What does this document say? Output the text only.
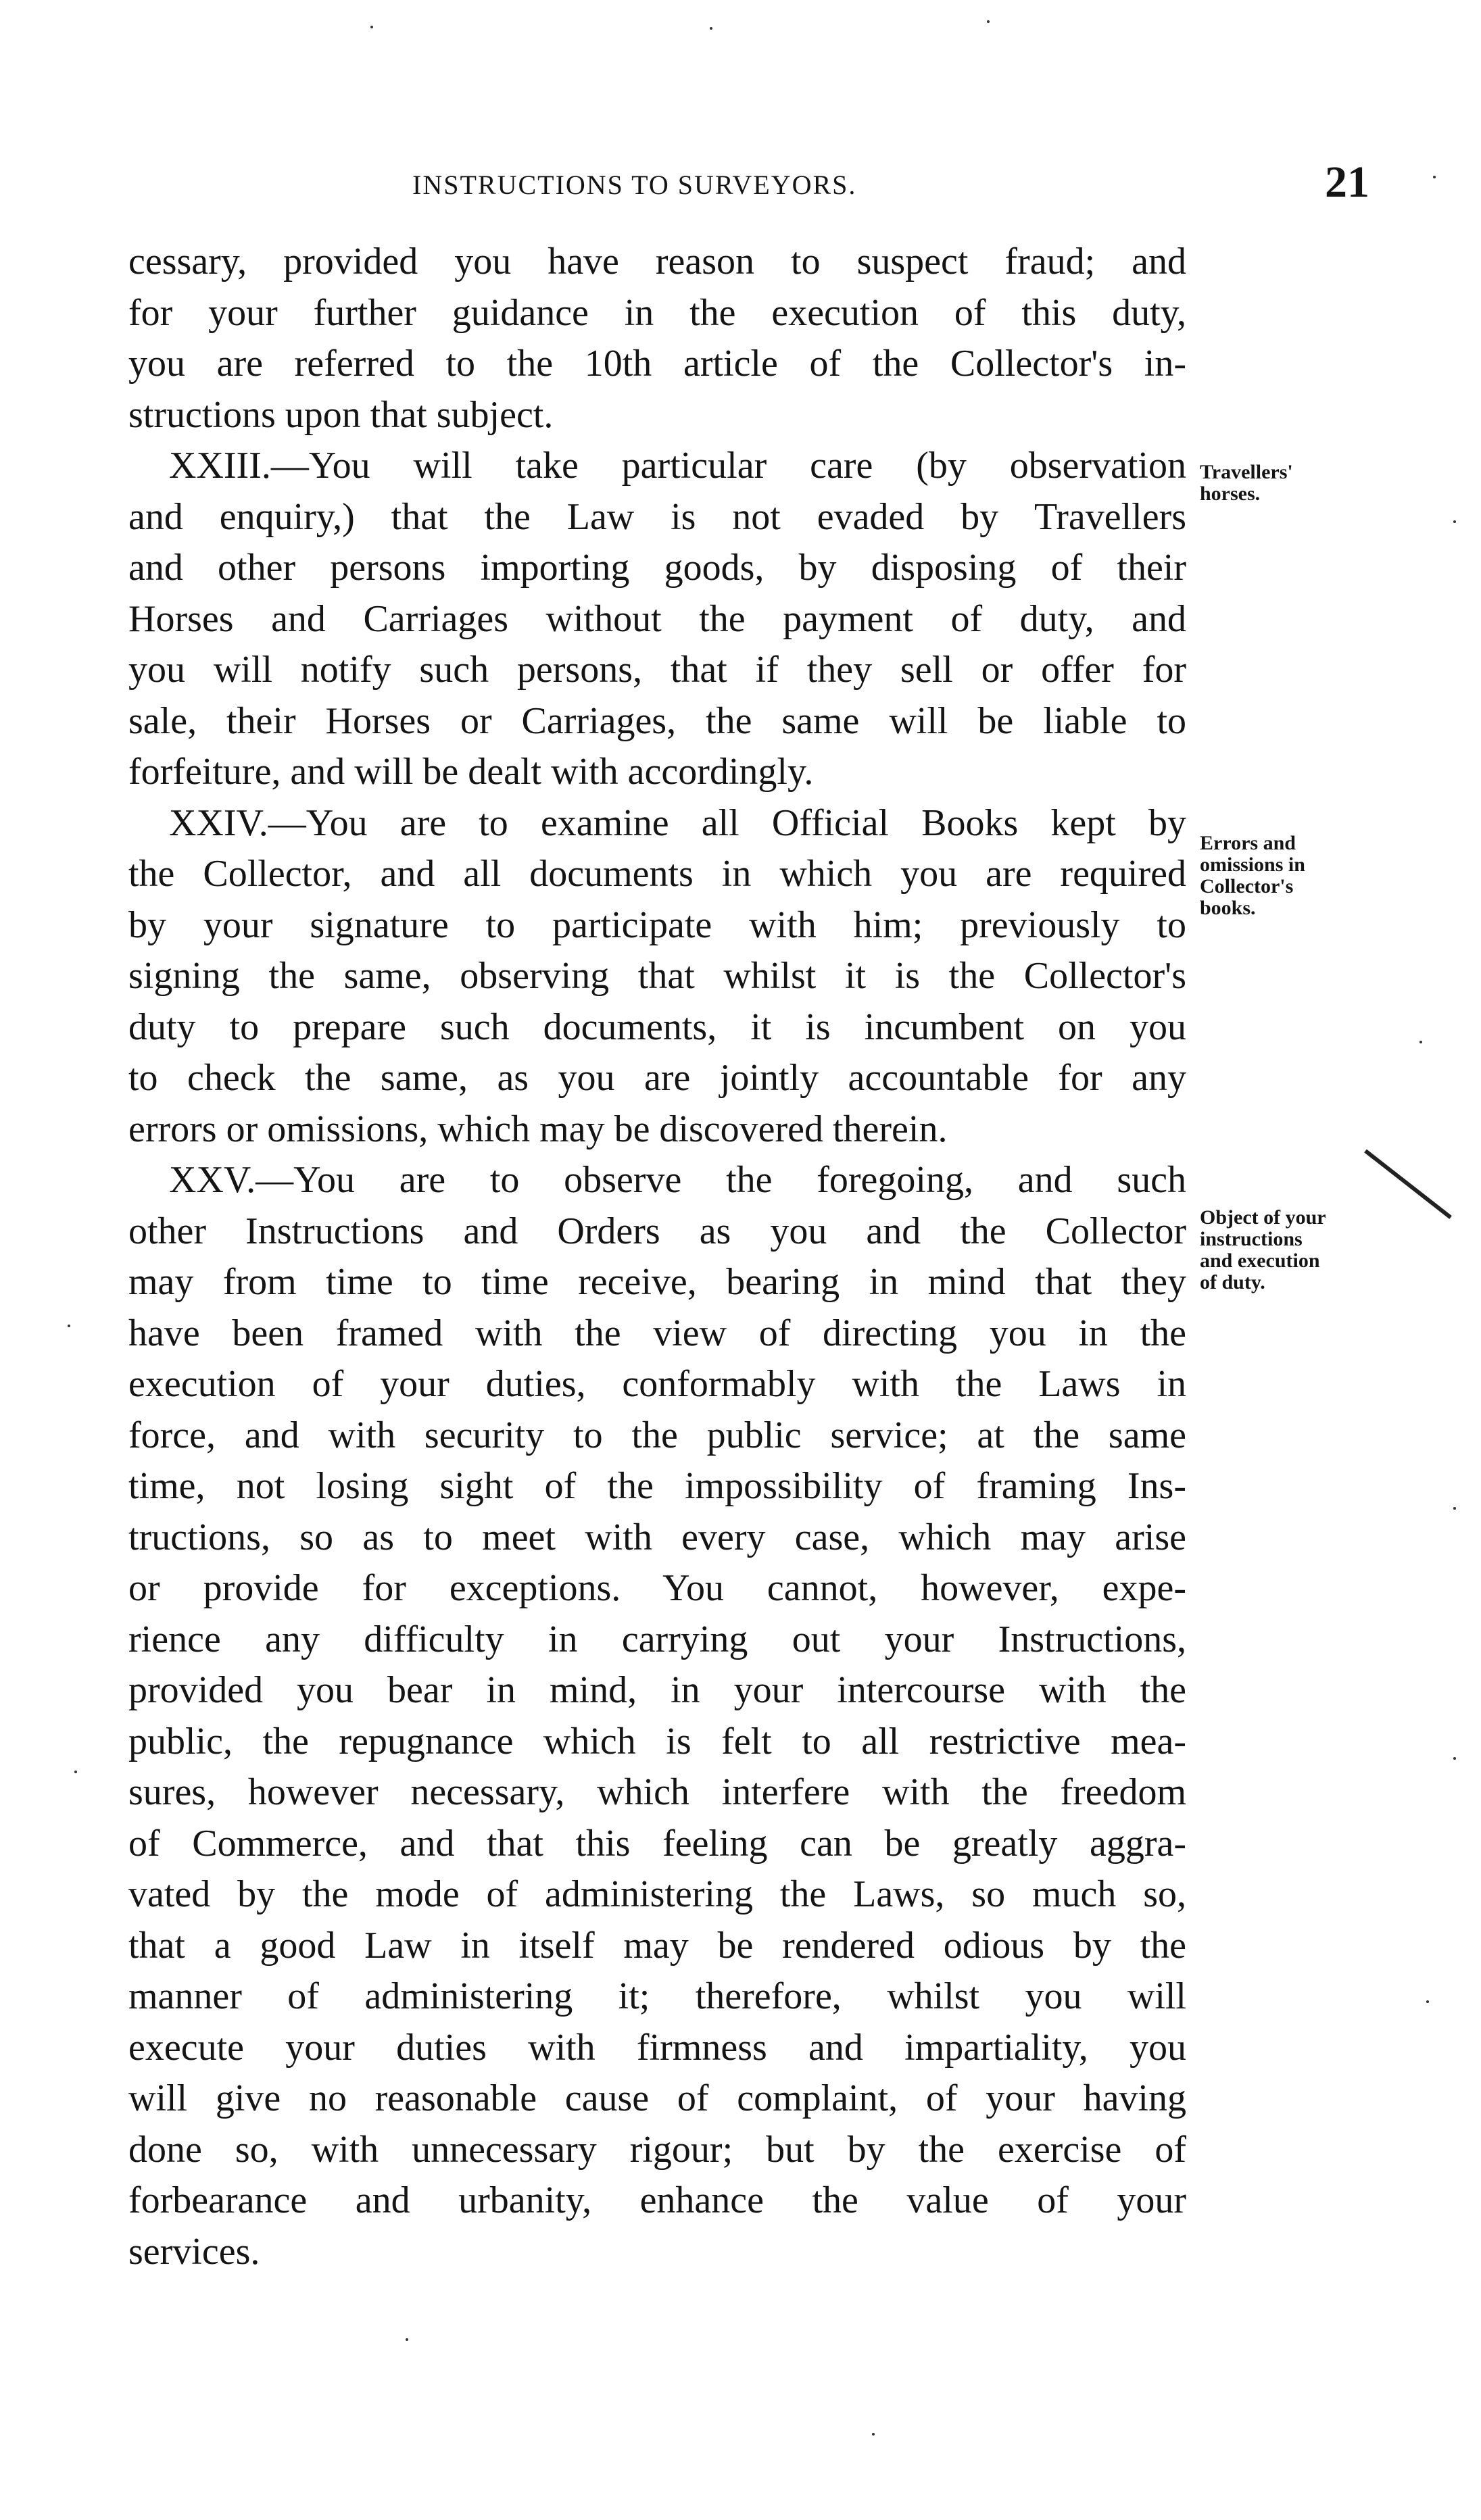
INSTRUCTIONS TO SURVEYORS.	21
cessary, provided you have reason to suspect fraud; and
for your further guidance in the execution of this duty,
you are referred to the 10th article of the Collector's in-
structions upon that subject.
XXIII.—You will take particular care (by observation
and enquiry,) that the Law is not evaded by Travellers
and other persons importing goods, by disposing of their
Horses and Carriages without the payment of duty, and
you will notify such persons, that if they sell or offer for
sale, their Horses or Carriages, the same will be liable to
forfeiture, and will be dealt with accordingly.
XXIV.—You are to examine all Official Books kept by
the Collector, and all documents in which you are required
by your signature to participate with him; previously to
signing the same, observing that whilst it is the Collector's
duty to prepare such documents, it is incumbent on you
to check the same, as you are jointly accountable for any
errors or omissions, which may be discovered therein.
XXV.—You are to observe the foregoing, and such
other Instructions and Orders as you and the Collector
may from time to time receive, bearing in mind that they
have been framed with the view of directing you in the
execution of your duties, conformably with the Laws in
force, and with security to the public service; at the same
time, not losing sight of the impossibility of framing Ins-
tructions, so as to meet with every case, which may arise
or provide for exceptions. You cannot, however, expe-
rience any difficulty in carrying out your Instructions,
provided you bear in mind, in your intercourse with the
public, the repugnance which is felt to all restrictive mea-
sures, however necessary, which interfere with the freedom
of Commerce, and that this feeling can be greatly aggra-
vated by the mode of administering the Laws, so much so,
that a good Law in itself may be rendered odious by the
manner of administering it; therefore, whilst you will
execute your duties with firmness and impartiality, you
will give no reasonable cause of complaint, of your having
done so, with unnecessary rigour; but by the exercise of
forbearance and urbanity, enhance the value of your
services.
Travellers'
horses.
Errors and
omissions in
Collector's
books.
Object of your
instructions
and execution
of duty.
